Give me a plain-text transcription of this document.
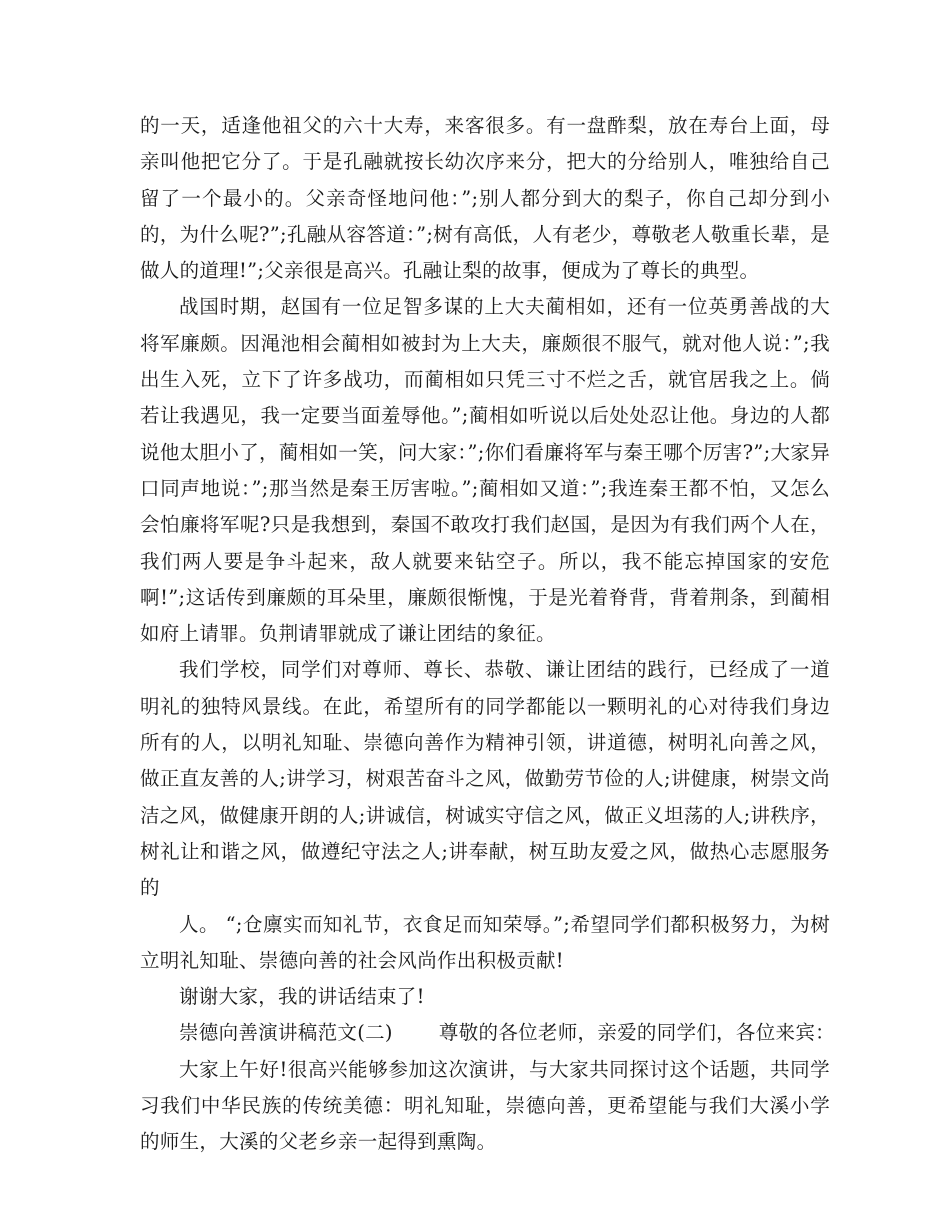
的一天，适逢他祖父的六十大寿，来客很多。有一盘酢梨，放在寿台上面，母亲叫他把它分了。于是孔融就按长幼次序来分，把大的分给别人，唯独给自己留了一个最小的。父亲奇怪地问他：”;别人都分到大的梨子，你自己却分到小的，为什么呢?”;孔融从容答道：”;树有高低，人有老少，尊敬老人敬重长辈，是做人的道理!”;父亲很是高兴。孔融让梨的故事，便成为了尊长的典型。

战国时期，赵国有一位足智多谋的上大夫蔺相如，还有一位英勇善战的大将军廉颇。因渑池相会蔺相如被封为上大夫，廉颇很不服气，就对他人说：”;我出生入死，立下了许多战功，而蔺相如只凭三寸不烂之舌，就官居我之上。倘若让我遇见，我一定要当面羞辱他。”;蔺相如听说以后处处忍让他。身边的人都说他太胆小了，蔺相如一笑，问大家：”;你们看廉将军与秦王哪个厉害?”;大家异口同声地说：”;那当然是秦王厉害啦。”;蔺相如又道：”;我连秦王都不怕，又怎么会怕廉将军呢?只是我想到，秦国不敢攻打我们赵国，是因为有我们两个人在，我们两人要是争斗起来，敌人就要来钻空子。所以，我不能忘掉国家的安危啊!”;这话传到廉颇的耳朵里，廉颇很惭愧，于是光着脊背，背着荆条，到蔺相如府上请罪。负荆请罪就成了谦让团结的象征。

我们学校，同学们对尊师、尊长、恭敬、谦让团结的践行，已经成了一道明礼的独特风景线。在此，希望所有的同学都能以一颗明礼的心对待我们身边所有的人，以明礼知耻、崇德向善作为精神引领，讲道德，树明礼向善之风，做正直友善的人;讲学习，树艰苦奋斗之风，做勤劳节俭的人;讲健康，树崇文尚洁之风，做健康开朗的人;讲诚信，树诚实守信之风，做正义坦荡的人;讲秩序，树礼让和谐之风，做遵纪守法之人;讲奉献，树互助友爱之风，做热心志愿服务的

人。 “;仓廪实而知礼节，衣食足而知荣辱。”;希望同学们都积极努力，为树立明礼知耻、崇德向善的社会风尚作出积极贡献!

谢谢大家，我的讲话结束了!

崇德向善演讲稿范文(二)　　 尊敬的各位老师，亲爱的同学们，各位来宾：

大家上午好!很高兴能够参加这次演讲，与大家共同探讨这个话题，共同学习我们中华民族的传统美德：明礼知耻，崇德向善，更希望能与我们大溪小学的师生，大溪的父老乡亲一起得到熏陶。
